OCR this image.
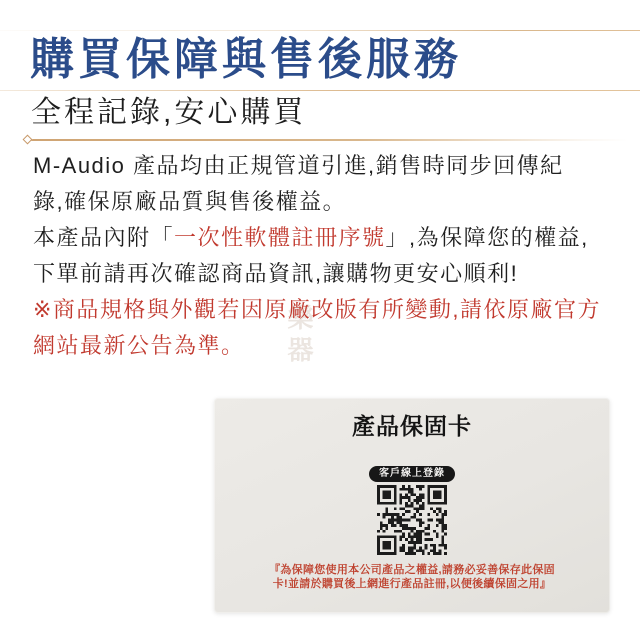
購買保障與售後服務
全程記錄,安心購買
樂器
M-Audio 產品均由正規管道引進,銷售時同步回傳紀
錄,確保原廠品質與售後權益。
本產品內附「一次性軟體註冊序號」,為保障您的權益,
下單前請再次確認商品資訊,讓購物更安心順利!
※商品規格與外觀若因原廠改版有所變動,請依原廠官方
網站最新公告為準。
產品保固卡
客戶線上登錄
『為保障您使用本公司產品之權益,請務必妥善保存此保固
卡!並請於購買後上網進行產品註冊,以便後續保固之用』
